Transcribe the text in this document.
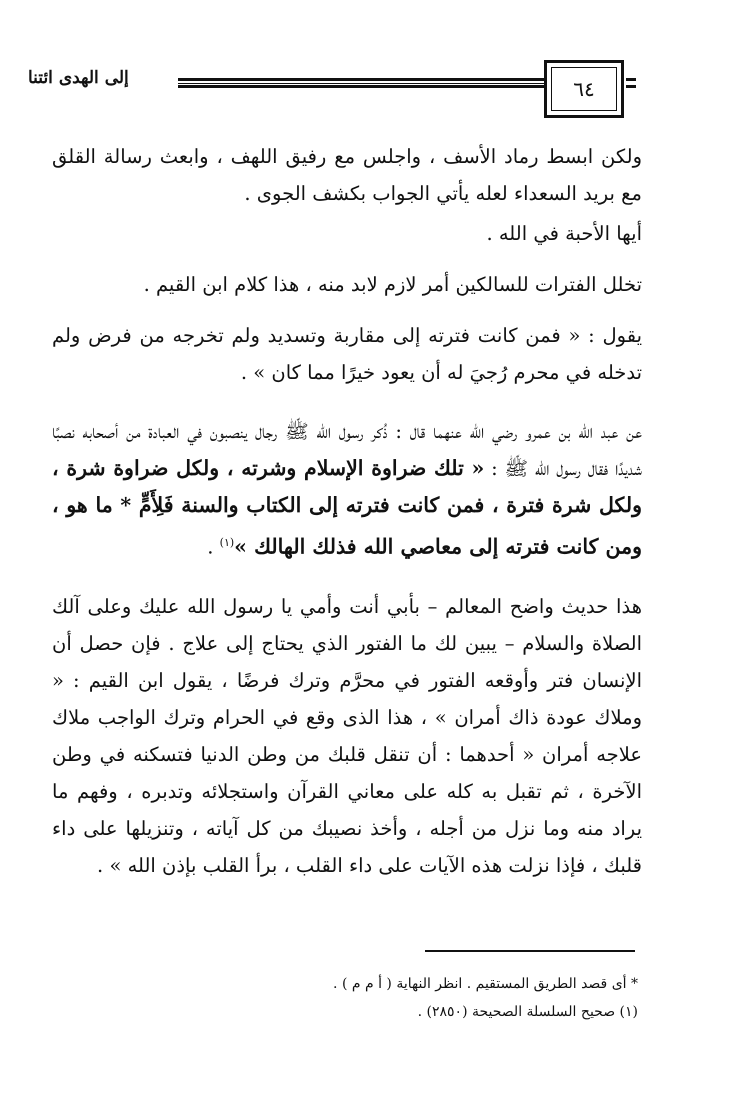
إلى الهدى ائتنا	٦٤

ولكن ابسط رماد الأسف ، واجلس مع رفيق اللهف ، وابعث رسالة القلق مع بريد السعداء لعله يأتي الجواب بكشف الجوى .

أيها الأحبة في الله .

تخلل الفترات للسالكين أمر لازم لابد منه ، هذا كلام ابن القيم .

يقول : « فمن كانت فترته إلى مقاربة وتسديد ولم تخرجه من فرض ولم تدخله في محرم رُجيَ له أن يعود خيرًا مما كان » .

عن عبد الله بن عمرو رضي الله عنهما قال : ذُكر رسول الله ﷺ رجال ينصبون في العبادة من أصحابه نصبًا شديدًا فقال رسول الله ﷺ : « تلك ضراوة الإسلام وشرته ، ولكل ضراوة شرة ، ولكل شرة فترة ، فمن كانت فترته إلى الكتاب والسنة فَلِأَمٍّ * ما هو ، ومن كانت فترته إلى معاصي الله فذلك الهالك »$^{(١)}$ .

هذا حديث واضح المعالم – بأبي أنت وأمي يا رسول الله عليك وعلى آلك الصلاة والسلام – يبين لك ما الفتور الذي يحتاج إلى علاج . فإن حصل أن الإنسان فتر وأوقعه الفتور في محرَّم وترك فرضًا ، يقول ابن القيم : « وملاك عودة ذاك أمران » ، هذا الذى وقع في الحرام وترك الواجب ملاك علاجه أمران « أحدهما : أن تنقل قلبك من وطن الدنيا فتسكنه في وطن الآخرة ، ثم تقبل به كله على معاني القرآن واستجلائه وتدبره ، وفهم ما يراد منه وما نزل من أجله ، وأخذ نصيبك من كل آياته ، وتنزيلها على داء قلبك ، فإذا نزلت هذه الآيات على داء القلب ، برأ القلب بإذن الله » .

* أى قصد الطريق المستقيم . انظر النهاية ( أ م م ) .

(١) صحيح السلسلة الصحيحة (٢٨٥٠) .
